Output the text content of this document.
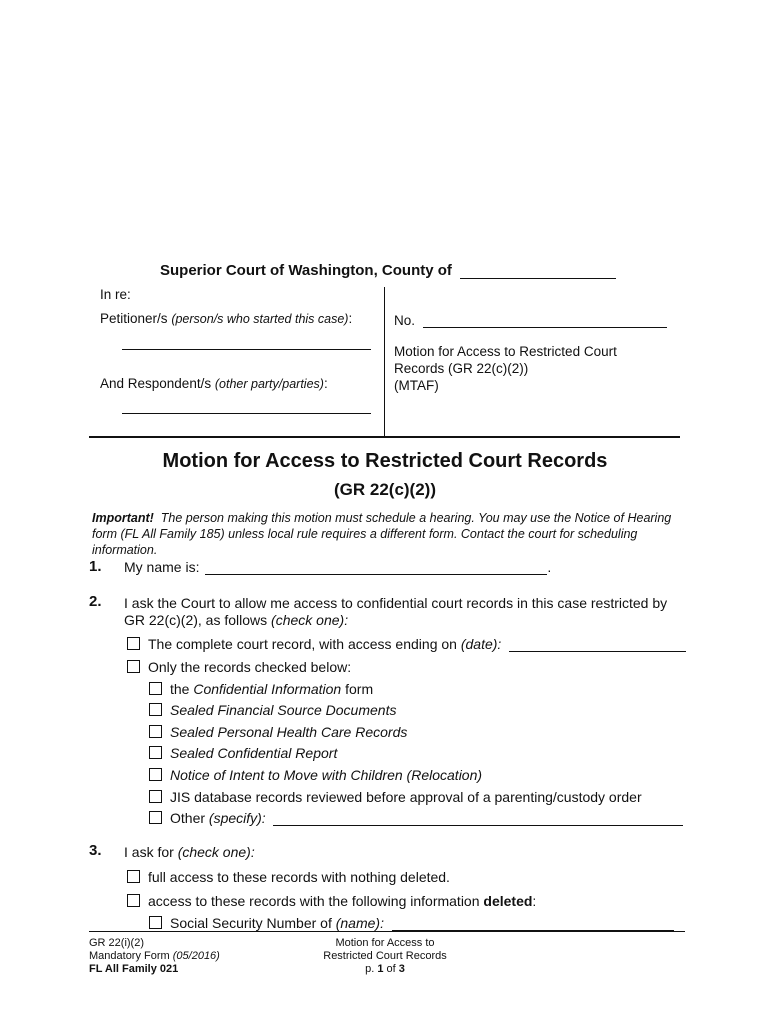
Superior Court of Washington, County of
In re:
Petitioner/s (person/s who started this case):
And Respondent/s (other party/parties):
No.
Motion for Access to Restricted Court
Records (GR 22(c)(2))
(MTAF)
Motion for Access to Restricted Court Records
(GR 22(c)(2))
Important! The person making this motion must schedule a hearing. You may use the Notice of Hearing form (FL All Family 185) unless local rule requires a different form. Contact the court for scheduling information.
1. My name is:	.
2. I ask the Court to allow me access to confidential court records in this case restricted by
GR 22(c)(2), as follows (check one):
The complete court record, with access ending on (date):
Only the records checked below:
the Confidential Information form
Sealed Financial Source Documents
Sealed Personal Health Care Records
Sealed Confidential Report
Notice of Intent to Move with Children (Relocation)
JIS database records reviewed before approval of a parenting/custody order
Other (specify):
3. I ask for (check one):
full access to these records with nothing deleted.
access to these records with the following information deleted:
Social Security Number of (name):
GR 22(i)(2)
Mandatory Form (05/2016)
FL All Family 021
Motion for Access to
Restricted Court Records
p. 1 of 3
